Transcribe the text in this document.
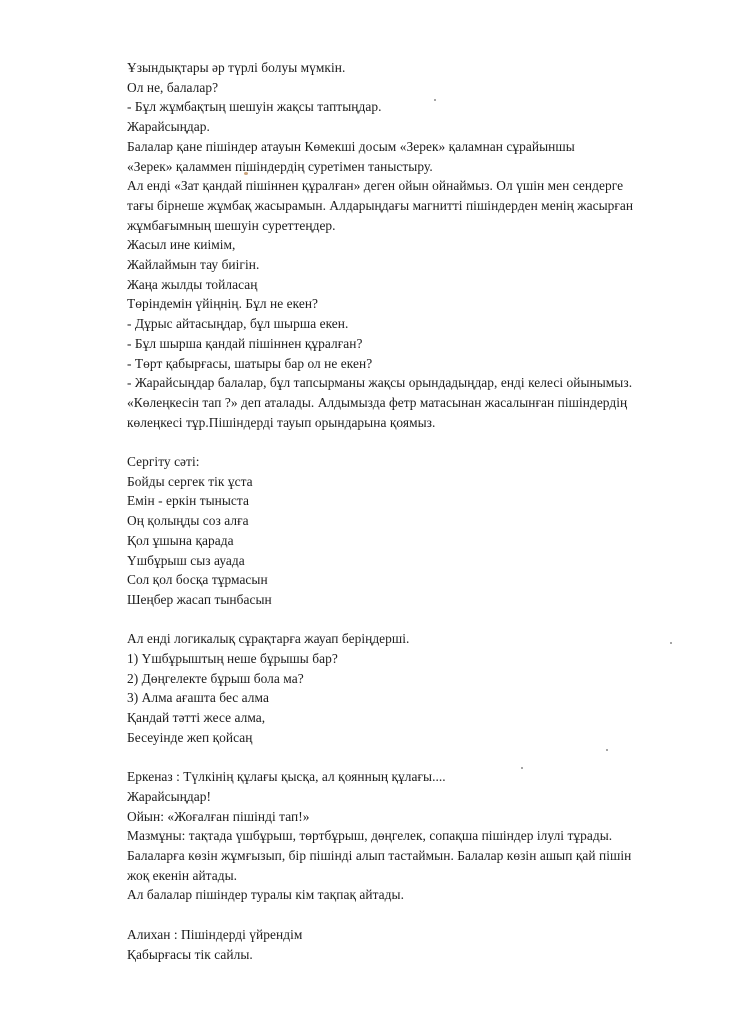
Ұзындықтары әр түрлі болуы мүмкін.
Ол не, балалар?
- Бұл жұмбақтың шешуін жақсы таптыңдар.
Жарайсыңдар.
Балалар қане пішіндер атауын Көмекші досым «Зерек» қаламнан сұрайыншы
«Зерек» қаламмен пішіндердің суретімен таныстыру.
Ал енді «Зат қандай пішіннен құралған» деген ойын ойнаймыз. Ол үшін мен сендерге
тағы бірнеше жұмбақ жасырамын. Алдарыңдағы магнитті пішіндерден менің жасырған
жұмбағымның шешуін суреттеңдер.
Жасыл ине киімім,
Жайлаймын тау биігін.
Жаңа жылды тойласаң
Төріндемін үйіңнің. Бұл не екен?
- Дұрыс айтасыңдар, бұл шырша екен.
- Бұл шырша қандай пішіннен құралған?
- Төрт қабырғасы, шатыры бар ол не екен?
- Жарайсыңдар балалар, бұл тапсырманы жақсы орындадыңдар, енді келесі ойынымыз.
«Көлеңкесін тап ?» деп аталады. Алдымызда фетр матасынан жасалынған пішіндердің
көлеңкесі тұр.Пішіндерді тауып орындарына қоямыз.
Сергіту сәті:
Бойды сергек тік ұста
Емін - еркін тыныста
Оң қолыңды соз алға
Қол ұшына қарада
Үшбұрыш сыз ауада
Сол қол босқа тұрмасын
Шеңбер жасап тынбасын
Ал енді логикалық сұрақтарға жауап беріңдерші.
1) Үшбұрыштың неше бұрышы бар?
2) Дөңгелекте бұрыш бола ма?
3) Алма ағашта бес алма
Қандай тәтті жесе алма,
Бесеуінде жеп қойсаң
Еркеназ : Түлкінің құлағы қысқа, ал қоянның құлағы....
Жарайсыңдар!
Ойын: «Жоғалған пішінді тап!»
Мазмұны: тақтада үшбұрыш, төртбұрыш, дөңгелек, сопақша пішіндер ілулі тұрады.
Балаларға көзін жұмғызып, бір пішінді алып тастаймын. Балалар көзін ашып қай пішін
жоқ екенін айтады.
Ал балалар пішіндер туралы кім тақпақ айтады.
Алихан : Пішіндерді үйрендім
Қабырғасы тік сайлы.
